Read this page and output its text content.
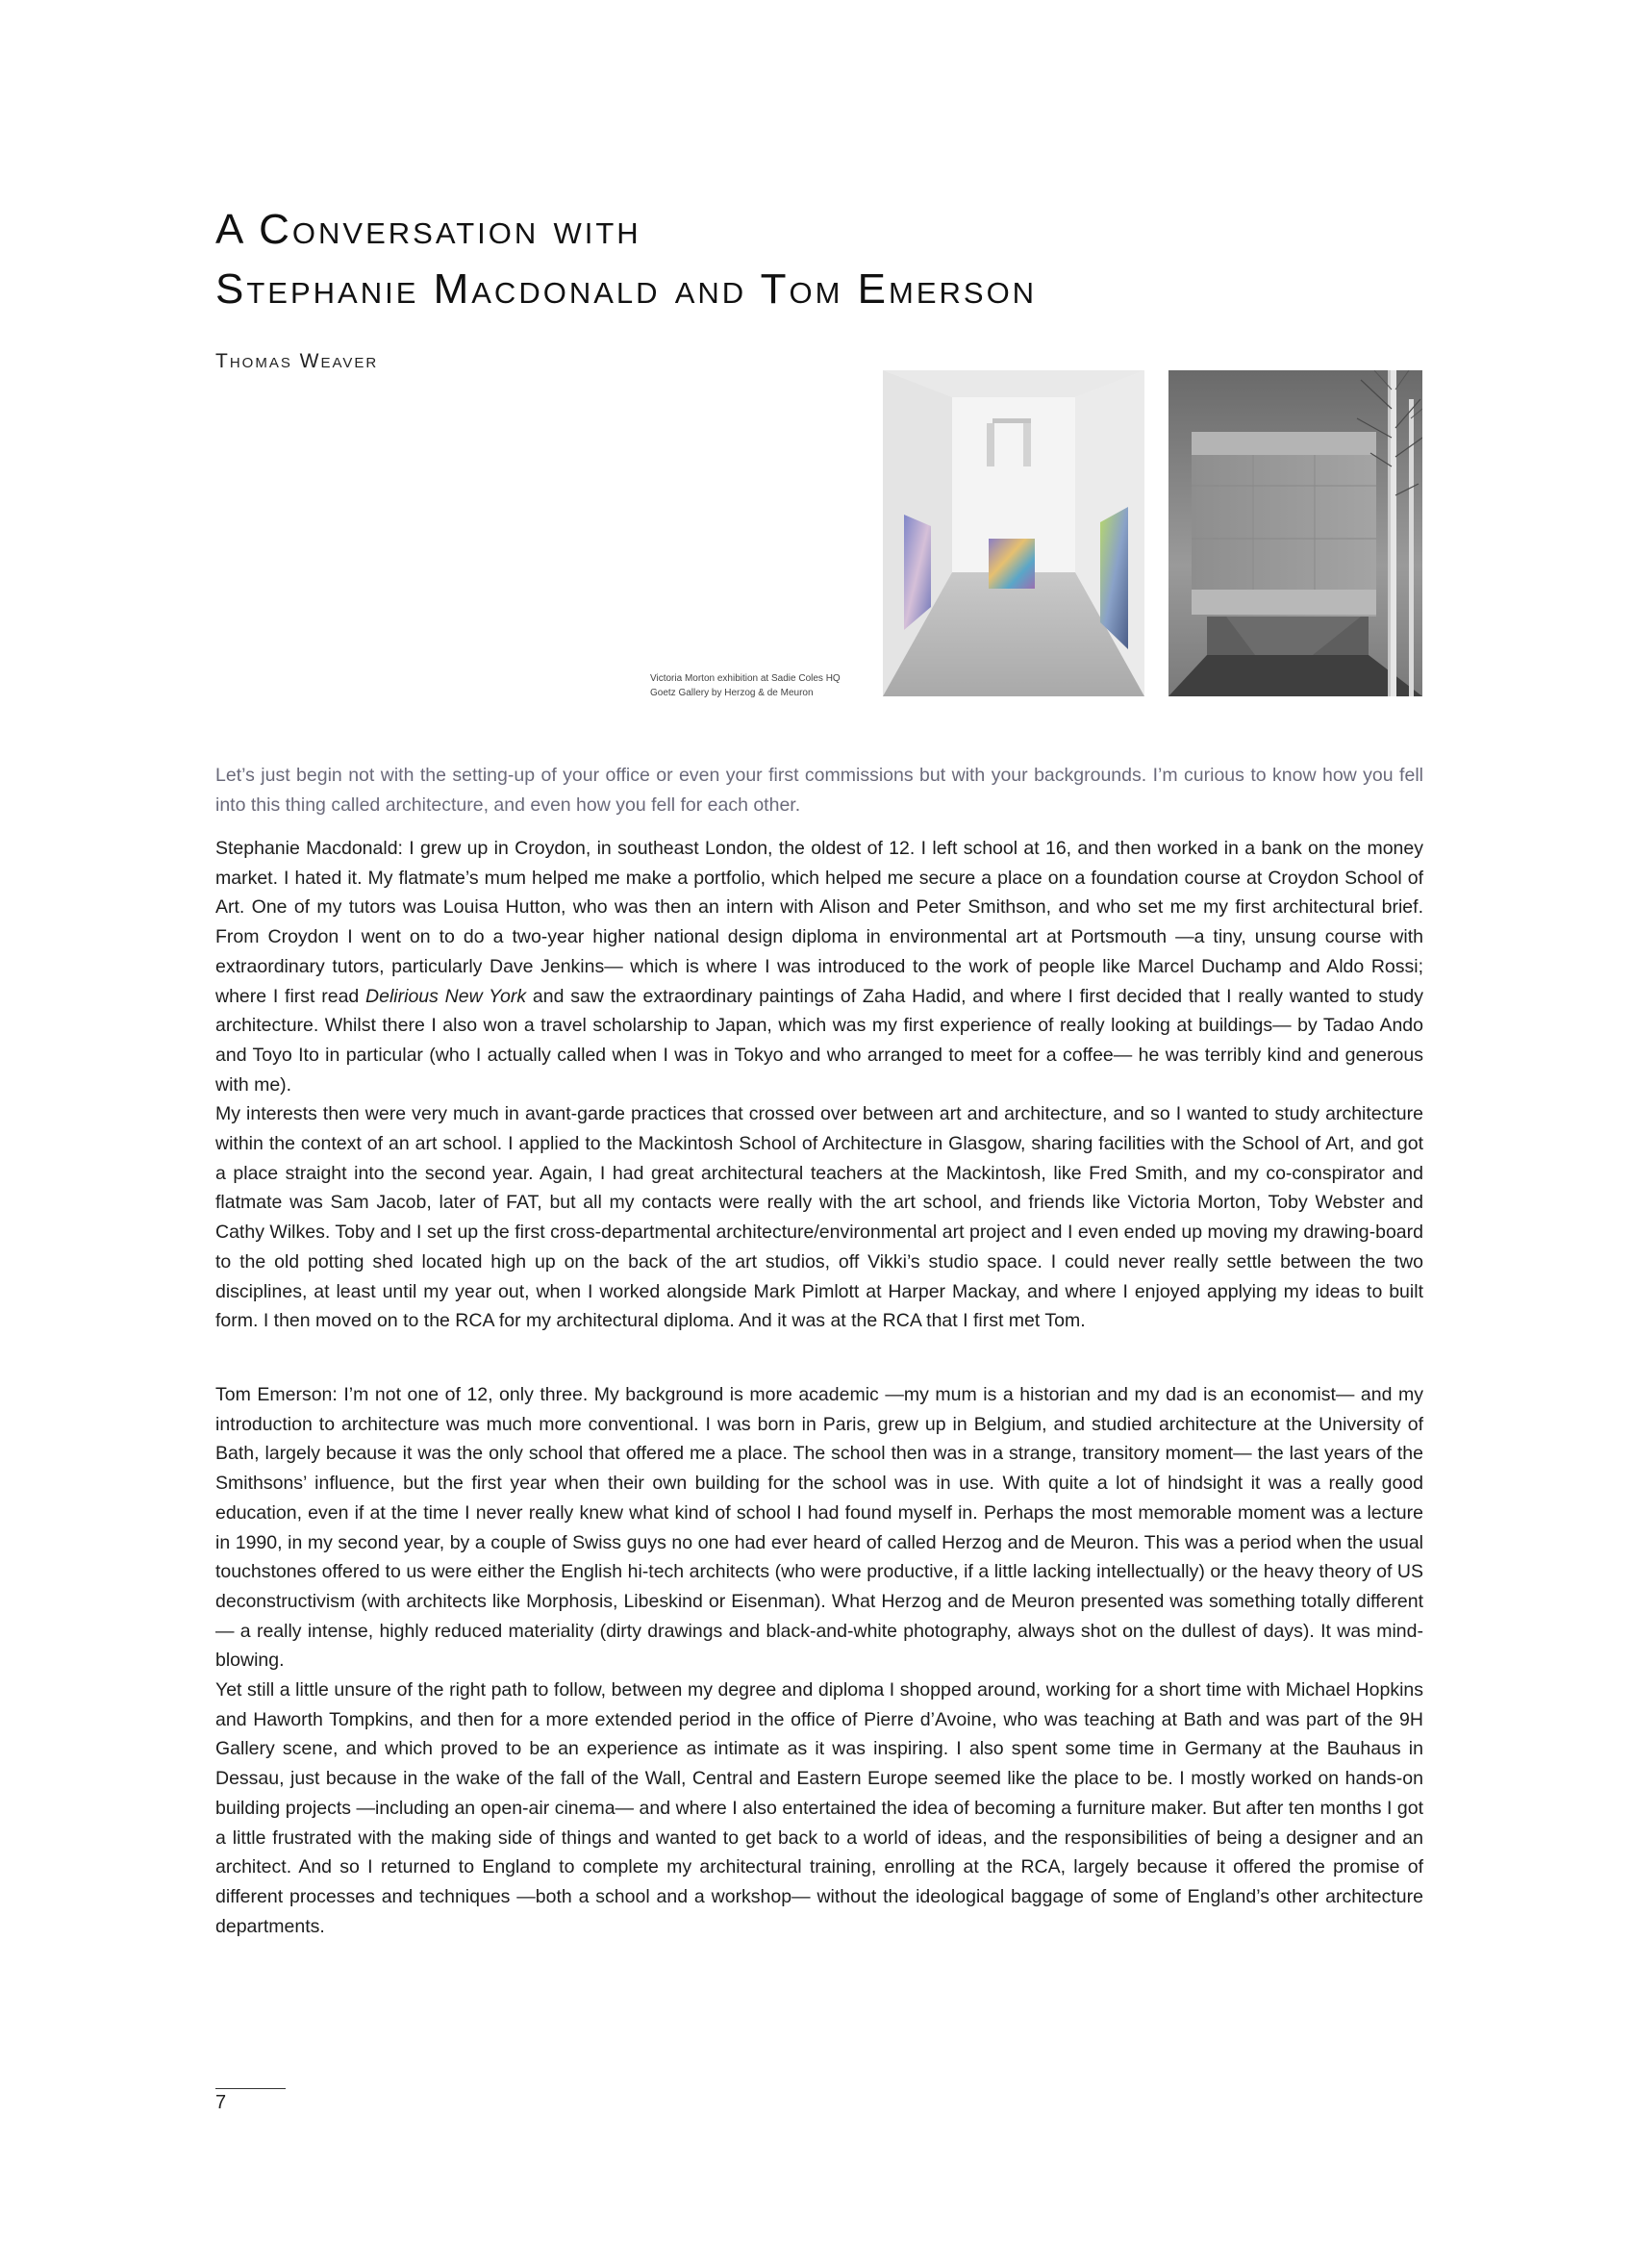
A Conversation with
Stephanie Macdonald and Tom Emerson
Thomas Weaver
Victoria Morton exhibition at Sadie Coles HQ
Goetz Gallery by Herzog & de Meuron

Let’s just begin not with the setting-up of your office or even your first commissions but with your backgrounds. I’m curious to know how you fell into this thing called architecture, and even how you fell for each other.

Stephanie Macdonald: I grew up in Croydon, in southeast London, the oldest of 12. I left school at 16, and then worked in a bank on the money market. I hated it. My flatmate’s mum helped me make a portfolio, which helped me secure a place on a foundation course at Croydon School of Art. One of my tutors was Louisa Hutton, who was then an intern with Alison and Peter Smithson, and who set me my first architectural brief. From Croydon I went on to do a two-year higher national design diploma in environmental art at Portsmouth —a tiny, unsung course with extraordinary tutors, particularly Dave Jenkins— which is where I was introduced to the work of people like Marcel Duchamp and Aldo Rossi; where I first read Delirious New York and saw the extraordinary paintings of Zaha Hadid, and where I first decided that I really wanted to study architecture. Whilst there I also won a travel scholarship to Japan, which was my first experience of really looking at buildings— by Tadao Ando and Toyo Ito in particular (who I actually called when I was in Tokyo and who arranged to meet for a coffee— he was terribly kind and generous with me).

My interests then were very much in avant-garde practices that crossed over between art and architecture, and so I wanted to study architecture within the context of an art school. I applied to the Mackintosh School of Architecture in Glasgow, sharing facilities with the School of Art, and got a place straight into the second year. Again, I had great architectural teachers at the Mackintosh, like Fred Smith, and my co-conspirator and flatmate was Sam Jacob, later of FAT, but all my contacts were really with the art school, and friends like Victoria Morton, Toby Webster and Cathy Wilkes. Toby and I set up the first cross-departmental architecture/environmental art project and I even ended up moving my drawing-board to the old potting shed located high up on the back of the art studios, off Vikki’s studio space. I could never really settle between the two disciplines, at least until my year out, when I worked alongside Mark Pimlott at Harper Mackay, and where I enjoyed applying my ideas to built form. I then moved on to the RCA for my architectural diploma. And it was at the RCA that I first met Tom.

Tom Emerson: I’m not one of 12, only three. My background is more academic —my mum is a historian and my dad is an economist— and my introduction to architecture was much more conventional. I was born in Paris, grew up in Belgium, and studied architecture at the University of Bath, largely because it was the only school that offered me a place. The school then was in a strange, transitory moment— the last years of the Smithsons’ influence, but the first year when their own building for the school was in use. With quite a lot of hindsight it was a really good education, even if at the time I never really knew what kind of school I had found myself in. Perhaps the most memorable moment was a lecture in 1990, in my second year, by a couple of Swiss guys no one had ever heard of called Herzog and de Meuron. This was a period when the usual touchstones offered to us were either the English hi-tech architects (who were productive, if a little lacking intellectually) or the heavy theory of US deconstructivism (with architects like Morphosis, Libeskind or Eisenman). What Herzog and de Meuron presented was something totally different— a really intense, highly reduced materiality (dirty drawings and black-and-white photography, always shot on the dullest of days). It was mind-blowing.

Yet still a little unsure of the right path to follow, between my degree and diploma I shopped around, working for a short time with Michael Hopkins and Haworth Tompkins, and then for a more extended period in the office of Pierre d’Avoine, who was teaching at Bath and was part of the 9H Gallery scene, and which proved to be an experience as intimate as it was inspiring. I also spent some time in Germany at the Bauhaus in Dessau, just because in the wake of the fall of the Wall, Central and Eastern Europe seemed like the place to be. I mostly worked on hands-on building projects —including an open-air cinema— and where I also entertained the idea of becoming a furniture maker. But after ten months I got a little frustrated with the making side of things and wanted to get back to a world of ideas, and the responsibilities of being a designer and an architect. And so I returned to England to complete my architectural training, enrolling at the RCA, largely because it offered the promise of different processes and techniques —both a school and a workshop— without the ideological baggage of some of England’s other architecture departments.

7
